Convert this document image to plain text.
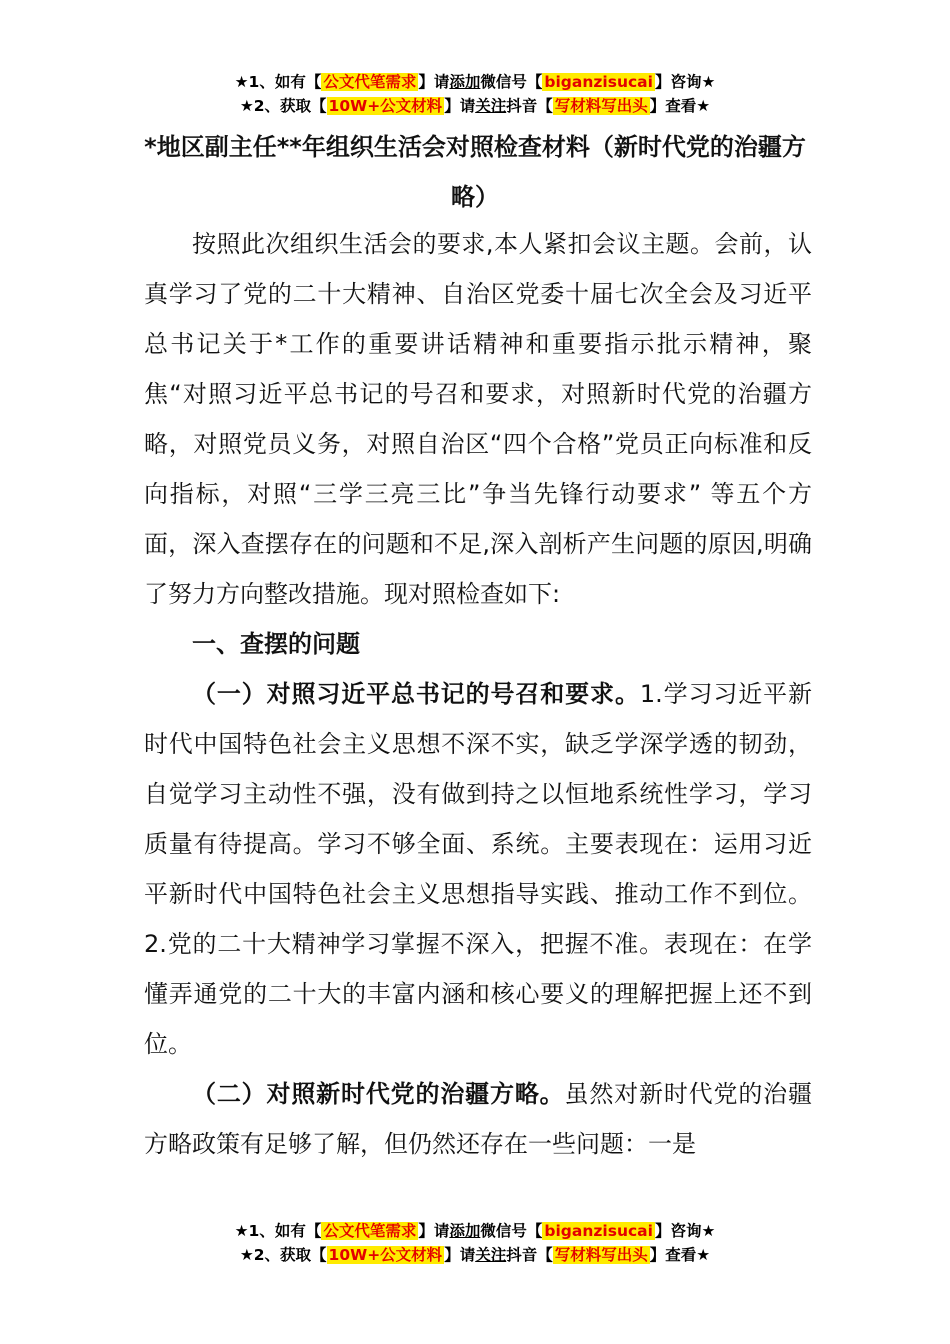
★1、如有【 公文代笔需求 】请添加微信号【 biganzisucai 】咨询★
★2、获取【 10W+公文材料 】请关注抖音【 写材料写出头 】查看★
*地区副主任**年组织生活会对照检查材料（新时代党的治疆方略）

按照此次组织生活会的要求,本人紧扣会议主题。会前，认真学习了党的二十大精神、自治区党委十届七次全会及习近平总书记关于*工作的重要讲话精神和重要指示批示精神，聚焦“对照习近平总书记的号召和要求，对照新时代党的治疆方略，对照党员义务，对照自治区“四个合格”党员正向标准和反向指标，对照“三学三亮三比”争当先锋行动要求” 等五个方面，深入查摆存在的问题和不足,深入剖析产生问题的原因,明确了努力方向整改措施。现对照检查如下:

一、查摆的问题

（一）对照习近平总书记的号召和要求。1.学习习近平新时代中国特色社会主义思想不深不实，缺乏学深学透的韧劲，自觉学习主动性不强，没有做到持之以恒地系统性学习，学习质量有待提高。学习不够全面、系统。主要表现在：运用习近平新时代中国特色社会主义思想指导实践、推动工作不到位。2.党的二十大精神学习掌握不深入，把握不准。表现在：在学懂弄通党的二十大的丰富内涵和核心要义的理解把握上还不到位。

（二）对照新时代党的治疆方略。虽然对新时代党的治疆方略政策有足够了解，但仍然还存在一些问题：一是

★1、如有【 公文代笔需求 】请添加微信号【 biganzisucai 】咨询★
★2、获取【 10W+公文材料 】请关注抖音【 写材料写出头 】查看★
